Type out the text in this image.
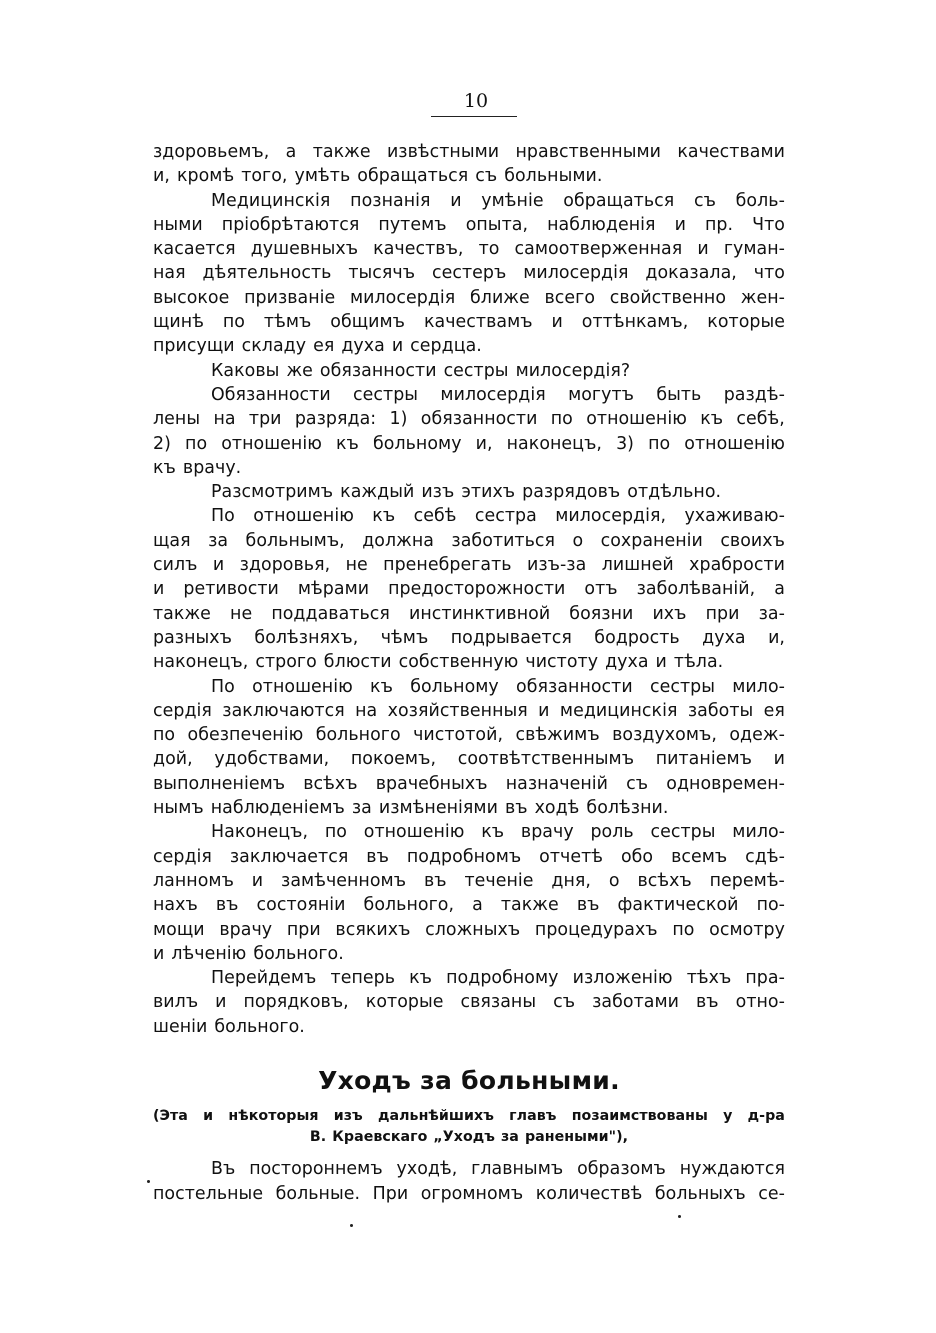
10
здоровьемъ, а также извѣстными нравственными качествами
и, кромѣ того, умѣть обращаться съ больными.
Медицинскія познанія и умѣніе обращаться съ боль-
ными пріобрѣтаются путемъ опыта, наблюденія и пр. Что
касается душевныхъ качествъ, то самоотверженная и гуман-
ная дѣятельность тысячъ сестеръ милосердія доказала, что
высокое призваніе милосердія ближе всего свойственно жен-
щинѣ по тѣмъ общимъ качествамъ и оттѣнкамъ, которые
присущи складу ея духа и сердца.
Каковы же обязанности сестры милосердія?
Обязанности сестры милосердія могутъ быть раздѣ-
лены на три разряда: 1) обязанности по отношенію къ себѣ,
2) по отношенію къ больному и, наконецъ, 3) по отношенію
къ врачу.
Разсмотримъ каждый изъ этихъ разрядовъ отдѣльно.
По отношенію къ себѣ сестра милосердія, ухаживаю-
щая за больнымъ, должна заботиться о сохраненіи своихъ
силъ и здоровья, не пренебрегать изъ-за лишней храбрости
и ретивости мѣрами предосторожности отъ заболѣваній, а
также не поддаваться инстинктивной боязни ихъ при за-
разныхъ болѣзняхъ, чѣмъ подрывается бодрость духа и,
наконецъ, строго блюсти собственную чистоту духа и тѣла.
По отношенію къ больному обязанности сестры мило-
сердія заключаются на хозяйственныя и медицинскія заботы ея
по обезпеченію больного чистотой, свѣжимъ воздухомъ, одеж-
дой, удобствами, покоемъ, соотвѣтственнымъ питаніемъ и
выполненіемъ всѣхъ врачебныхъ назначеній съ одновремен-
нымъ наблюденіемъ за измѣненіями въ ходѣ болѣзни.
Наконецъ, по отношенію къ врачу роль сестры мило-
сердія заключается въ подробномъ отчетѣ обо всемъ сдѣ-
ланномъ и замѣченномъ въ теченіе дня, о всѣхъ перемѣ-
нахъ въ состояніи больного, а также въ фактической по-
мощи врачу при всякихъ сложныхъ процедурахъ по осмотру
и лѣченію больного.
Перейдемъ теперь къ подробному изложенію тѣхъ пра-
вилъ и порядковъ, которые связаны съ заботами въ отно-
шеніи больного.
Уходъ за больными.
(Эта и нѣкоторыя изъ дальнѣйшихъ главъ позаимствованы у д-ра
В. Краевскаго „Уходъ за ранеными"),
Въ постороннемъ уходѣ, главнымъ образомъ нуждаются
постельные больные. При огромномъ количествѣ больныхъ се-
